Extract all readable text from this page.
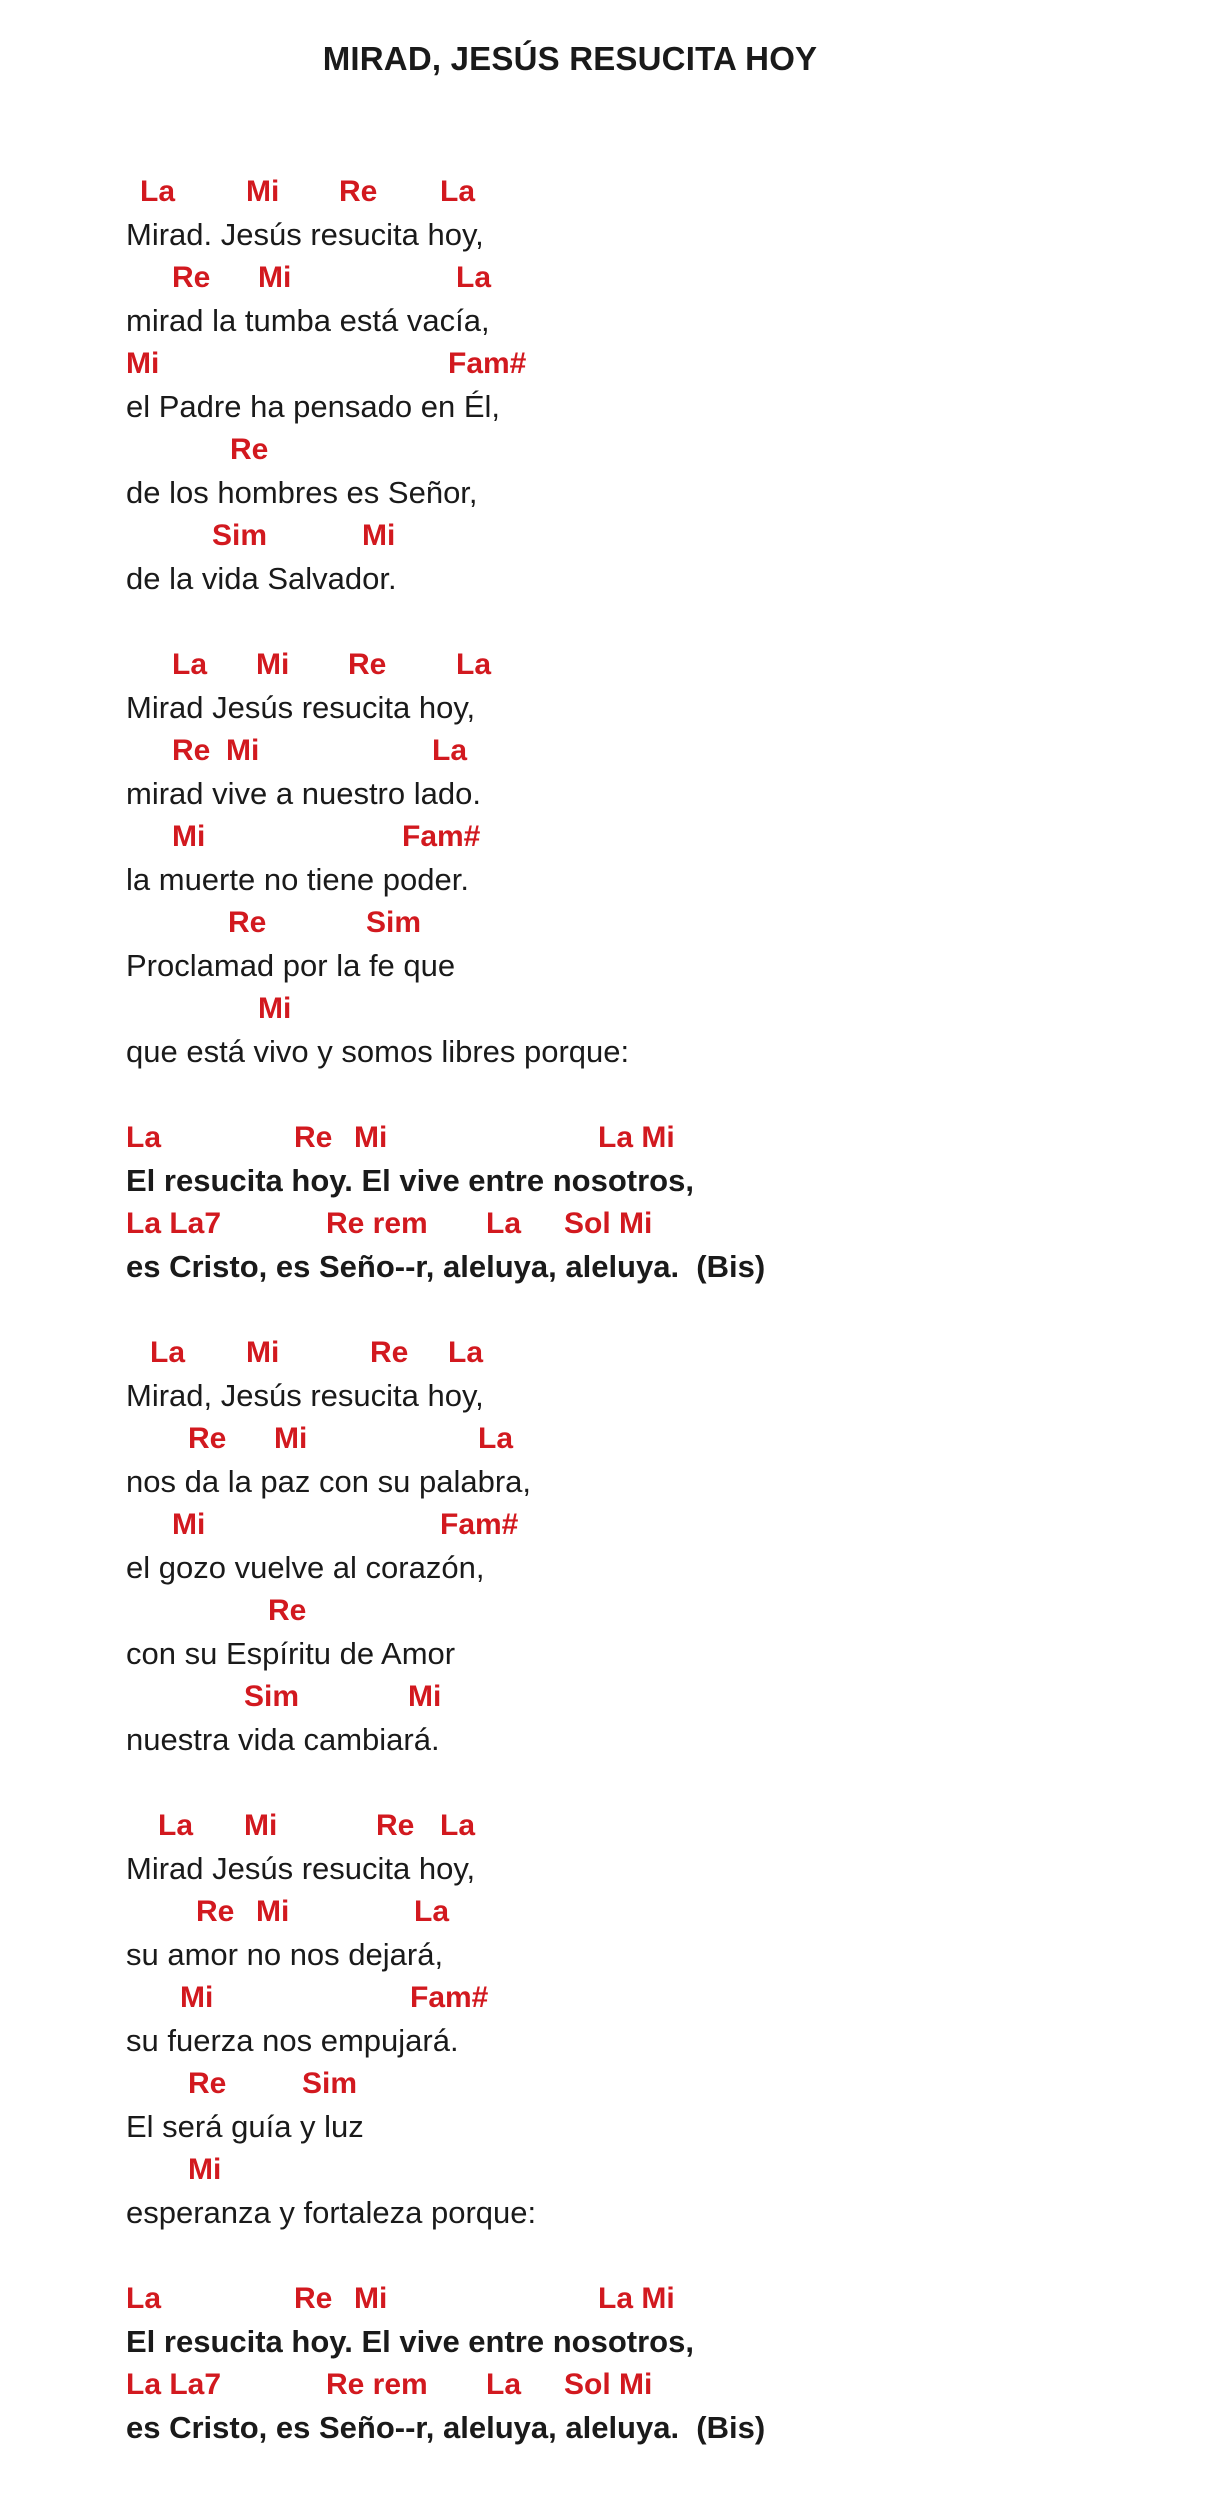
MIRAD, JESÚS RESUCITA HOY
La Mi Re La
Mirad. Jesús resucita hoy,
Re Mi	La
mirad la tumba está vacía,
Mi	Fam#
el Padre ha pensado en Él,
Re
de los hombres es Señor,
Sim	Mi
de la vida Salvador.
La Mi Re La
Mirad Jesús resucita hoy,
Re Mi	La
mirad vive a nuestro lado.
Mi	Fam#
la muerte no tiene poder.
Re	Sim
Proclamad por la fe que
Mi
que está vivo y somos libres porque:
La	Re Mi	La Mi
El resucita hoy. El vive entre nosotros,
La La7	Re rem La Sol Mi
es Cristo, es Seño--r, aleluya, aleluya.  (Bis)
La Mi	Re La
Mirad, Jesús resucita hoy,
Re Mi	La
nos da la paz con su palabra,
Mi	Fam#
el gozo vuelve al corazón,
Re
con su Espíritu de Amor
Sim	Mi
nuestra vida cambiará.
La Mi	Re La
Mirad Jesús resucita hoy,
Re Mi	La
su amor no nos dejará,
Mi	Fam#
su fuerza nos empujará.
Re	Sim
El será guía y luz
Mi
esperanza y fortaleza porque:
La	Re Mi	La Mi
El resucita hoy. El vive entre nosotros,
La La7	Re rem La Sol Mi
es Cristo, es Seño--r, aleluya, aleluya.  (Bis)
